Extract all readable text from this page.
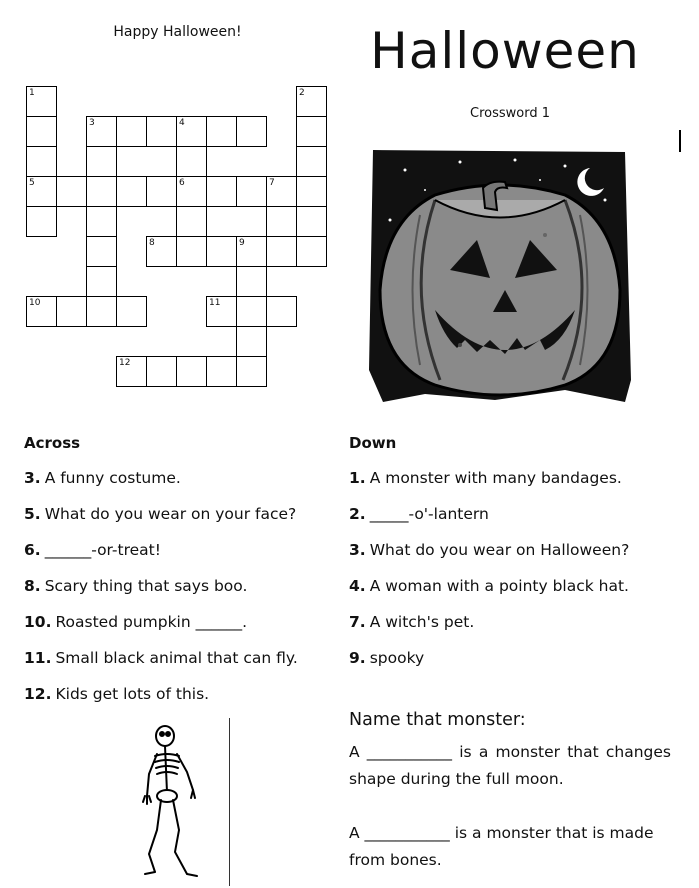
Happy Halloween!	Halloween
Crossword 1
1	2
3	4
5	6	7
8	9
10	11
12
Across
3. A funny costume.
5. What do you wear on your face?
6. ______-or-treat!
8. Scary thing that says boo.
10. Roasted pumpkin ______.
11. Small black animal that can fly.
12. Kids get lots of this.
Down
1. A monster with many bandages.
2. _____-o'-lantern
3. What do you wear on Halloween?
4. A woman with a pointy black hat.
7. A witch's pet.
9. spooky
Name that monster:
A ___________ is a monster that changes shape during the full moon.
A ___________ is a monster that is made from bones.
